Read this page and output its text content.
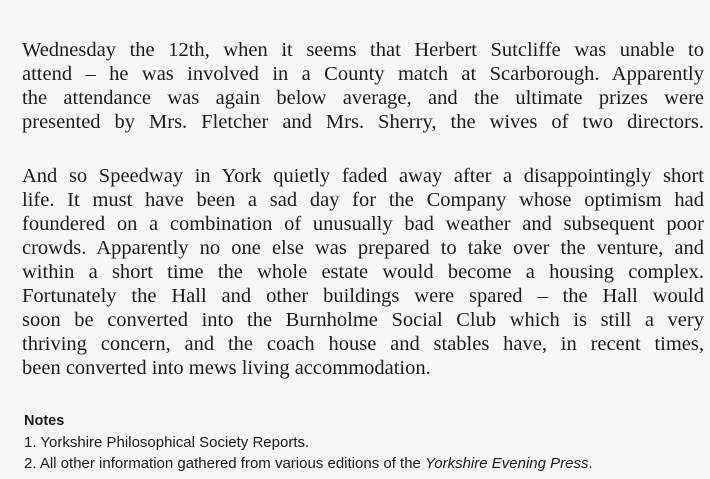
Wednesday the 12th, when it seems that Herbert Sutcliffe was unable to
attend – he was involved in a County match at Scarborough. Apparently
the attendance was again below average, and the ultimate prizes were
presented by Mrs. Fletcher and Mrs. Sherry, the wives of two directors.

And so Speedway in York quietly faded away after a disappointingly short
life. It must have been a sad day for the Company whose optimism had
foundered on a combination of unusually bad weather and subsequent poor
crowds. Apparently no one else was prepared to take over the venture, and
within a short time the whole estate would become a housing complex.
Fortunately the Hall and other buildings were spared – the Hall would
soon be converted into the Burnholme Social Club which is still a very
thriving concern, and the coach house and stables have, in recent times,
been converted into mews living accommodation.

Notes
1. Yorkshire Philosophical Society Reports.
2. All other information gathered from various editions of the Yorkshire Evening Press.
